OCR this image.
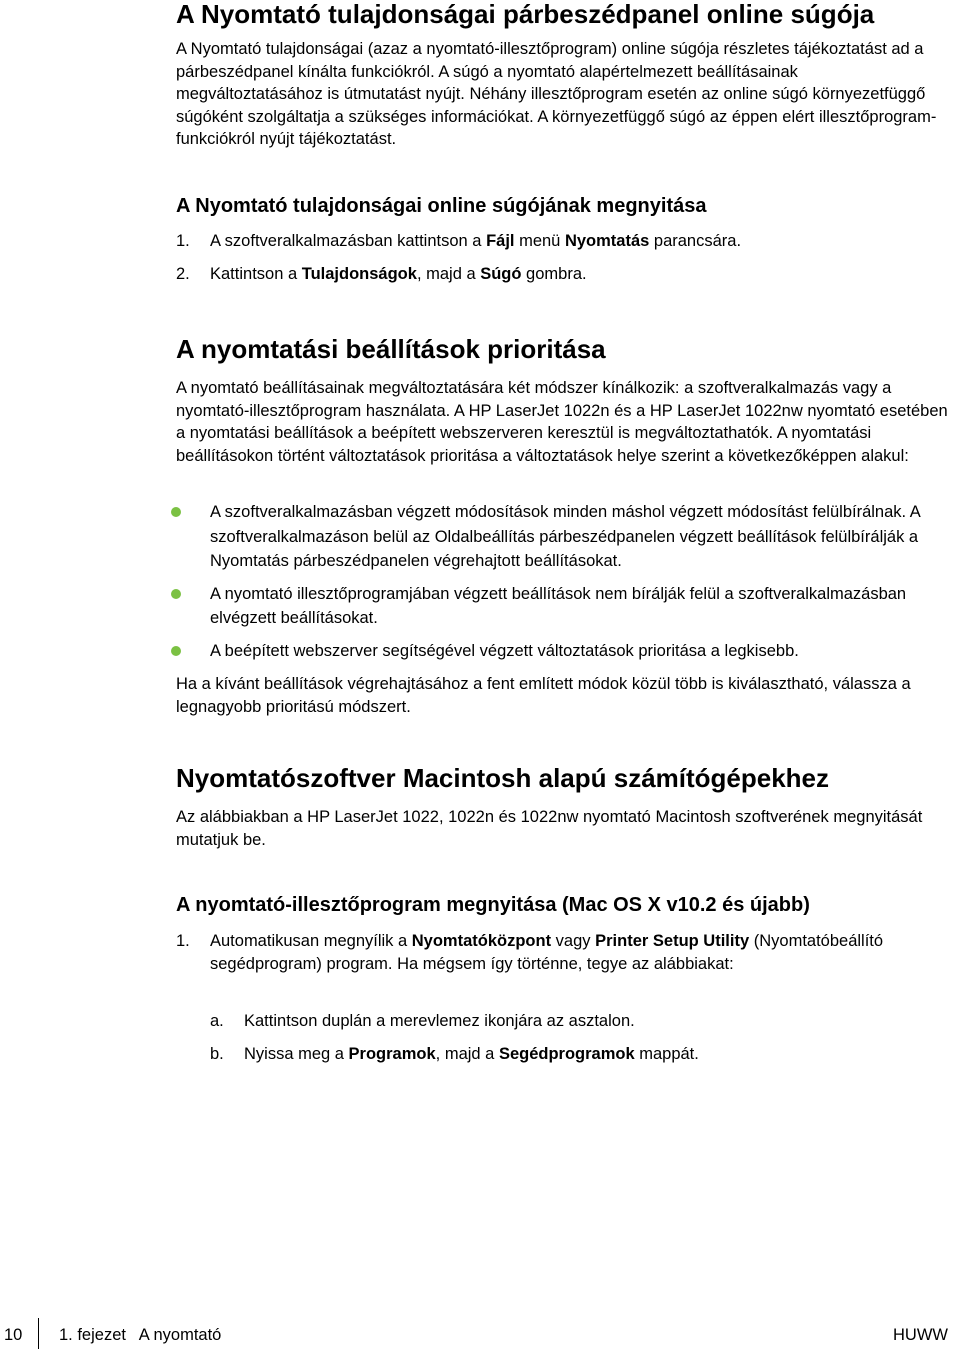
A Nyomtató tulajdonságai párbeszédpanel online súgója

A Nyomtató tulajdonságai (azaz a nyomtató-illesztőprogram) online súgója részletes tájékoztatást ad a párbeszédpanel kínálta funkciókról. A súgó a nyomtató alapértelmezett beállításainak megváltoztatásához is útmutatást nyújt. Néhány illesztőprogram esetén az online súgó környezetfüggő súgóként szolgáltatja a szükséges információkat. A környezetfüggő súgó az éppen elért illesztőprogram-funkciókról nyújt tájékoztatást.

A Nyomtató tulajdonságai online súgójának megnyitása
1. A szoftveralkalmazásban kattintson a Fájl menü Nyomtatás parancsára.
2. Kattintson a Tulajdonságok, majd a Súgó gombra.
A nyomtatási beállítások prioritása

A nyomtató beállításainak megváltoztatására két módszer kínálkozik: a szoftveralkalmazás vagy a nyomtató-illesztőprogram használata. A HP LaserJet 1022n és a HP LaserJet 1022nw nyomtató esetében a nyomtatási beállítások a beépített webszerveren keresztül is megváltoztathatók. A nyomtatási beállításokon történt változtatások prioritása a változtatások helye szerint a következőképpen alakul:

A szoftveralkalmazásban végzett módosítások minden máshol végzett módosítást felülbírálnak. A szoftveralkalmazáson belül az Oldalbeállítás párbeszédpanelen végzett beállítások felülbírálják a Nyomtatás párbeszédpanelen végrehajtott beállításokat.
A nyomtató illesztőprogramjában végzett beállítások nem bírálják felül a szoftveralkalmazásban elvégzett beállításokat.
A beépített webszerver segítségével végzett változtatások prioritása a legkisebb.

Ha a kívánt beállítások végrehajtásához a fent említett módok közül több is kiválasztható, válassza a legnagyobb prioritású módszert.

Nyomtatószoftver Macintosh alapú számítógépekhez

Az alábbiakban a HP LaserJet 1022, 1022n és 1022nw nyomtató Macintosh szoftverének megnyitását mutatjuk be.

A nyomtató-illesztőprogram megnyitása (Mac OS X v10.2 és újabb)
1. Automatikusan megnyílik a Nyomtatóközpont vagy Printer Setup Utility (Nyomtatóbeállító segédprogram) program. Ha mégsem így történne, tegye az alábbiakat:
a. Kattintson duplán a merevlemez ikonjára az asztalon.
b. Nyissa meg a Programok, majd a Segédprogramok mappát.
10 1. fejezet   A nyomtató	HUWW
